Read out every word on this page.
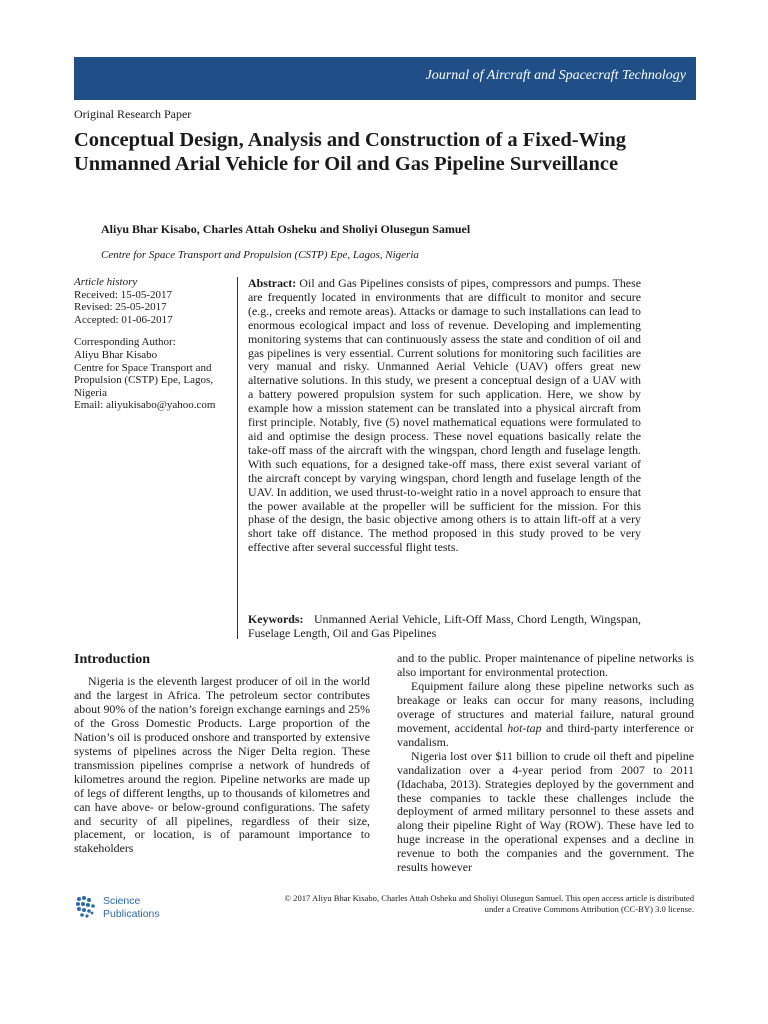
Journal of Aircraft and Spacecraft Technology
Original Research Paper
Conceptual Design, Analysis and Construction of a Fixed-Wing Unmanned Arial Vehicle for Oil and Gas Pipeline Surveillance
Aliyu Bhar Kisabo, Charles Attah Osheku and Sholiyi Olusegun Samuel
Centre for Space Transport and Propulsion (CSTP) Epe, Lagos, Nigeria
Article history
Received: 15-05-2017
Revised: 25-05-2017
Accepted: 01-06-2017
Corresponding Author:
Aliyu Bhar Kisabo
Centre for Space Transport and
Propulsion (CSTP) Epe, Lagos,
Nigeria
Email: aliyukisabo@yahoo.com

Abstract: Oil and Gas Pipelines consists of pipes, compressors and pumps. These are frequently located in environments that are difficult to monitor and secure (e.g., creeks and remote areas). Attacks or damage to such installations can lead to enormous ecological impact and loss of revenue. Developing and implementing monitoring systems that can continuously assess the state and condition of oil and gas pipelines is very essential. Current solutions for monitoring such facilities are very manual and risky. Unmanned Aerial Vehicle (UAV) offers great new alternative solutions. In this study, we present a conceptual design of a UAV with a battery powered propulsion system for such application. Here, we show by example how a mission statement can be translated into a physical aircraft from first principle. Notably, five (5) novel mathematical equations were formulated to aid and optimise the design process. These novel equations basically relate the take-off mass of the aircraft with the wingspan, chord length and fuselage length. With such equations, for a designed take-off mass, there exist several variant of the aircraft concept by varying wingspan, chord length and fuselage length of the UAV. In addition, we used thrust-to-weight ratio in a novel approach to ensure that the power available at the propeller will be sufficient for the mission. For this phase of the design, the basic objective among others is to attain lift-off at a very short take off distance. The method proposed in this study proved to be very effective after several successful flight tests.

Keywords: Unmanned Aerial Vehicle, Lift-Off Mass, Chord Length, Wingspan, Fuselage Length, Oil and Gas Pipelines

Introduction

Nigeria is the eleventh largest producer of oil in the world and the largest in Africa. The petroleum sector contributes about 90% of the nation’s foreign exchange earnings and 25% of the Gross Domestic Products. Large proportion of the Nation’s oil is produced onshore and transported by extensive systems of pipelines across the Niger Delta region. These transmission pipelines comprise a network of hundreds of kilometres around the region. Pipeline networks are made up of legs of different lengths, up to thousands of kilometres and can have above- or below-ground configurations. The safety and security of all pipelines, regardless of their size, placement, or location, is of paramount importance to stakeholders

and to the public. Proper maintenance of pipeline networks is also important for environmental protection.

Equipment failure along these pipeline networks such as breakage or leaks can occur for many reasons, including overage of structures and material failure, natural ground movement, accidental hot-tap and third-party interference or vandalism.

Nigeria lost over $11 billion to crude oil theft and pipeline vandalization over a 4-year period from 2007 to 2011 (Idachaba, 2013). Strategies deployed by the government and these companies to tackle these challenges include the deployment of armed military personnel to these assets and along their pipeline Right of Way (ROW). These have led to huge increase in the operational expenses and a decline in revenue to both the companies and the government. The results however

Science
Publications
© 2017 Aliyu Bhar Kisabo, Charles Attah Osheku and Sholiyi Olusegun Samuel. This open access article is distributed
under a Creative Commons Attribution (CC-BY) 3.0 license.
